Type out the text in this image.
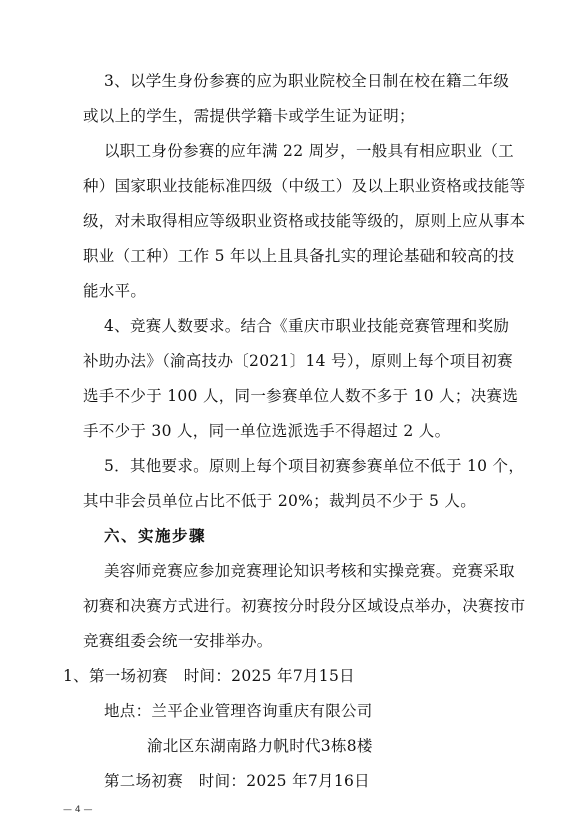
3、以学生身份参赛的应为职业院校全日制在校在籍二年级
或以上的学生，需提供学籍卡或学生证为证明；
以职工身份参赛的应年满 22 周岁，一般具有相应职业（工
种）国家职业技能标准四级（中级工）及以上职业资格或技能等
级，对未取得相应等级职业资格或技能等级的，原则上应从事本
职业（工种）工作 5 年以上且具备扎实的理论基础和较高的技
能水平。
4、竞赛人数要求。结合《重庆市职业技能竞赛管理和奖励
补助办法》（渝高技办〔2021〕14 号），原则上每个项目初赛
选手不少于 100 人，同一参赛单位人数不多于 10 人；决赛选
手不少于 30 人，同一单位选派选手不得超过 2 人。
5．其他要求。原则上每个项目初赛参赛单位不低于 10 个，
其中非会员单位占比不低于 20%；裁判员不少于 5 人。
六、实施步骤
美容师竞赛应参加竞赛理论知识考核和实操竞赛。竞赛采取
初赛和决赛方式进行。初赛按分时段分区域设点举办，决赛按市
竞赛组委会统一安排举办。
1、第一场初赛　时间：2025 年7月15日
地点：兰平企业管理咨询重庆有限公司
渝北区东湖南路力帆时代3栋8楼
第二场初赛　时间：2025 年7月16日
— 4 —
